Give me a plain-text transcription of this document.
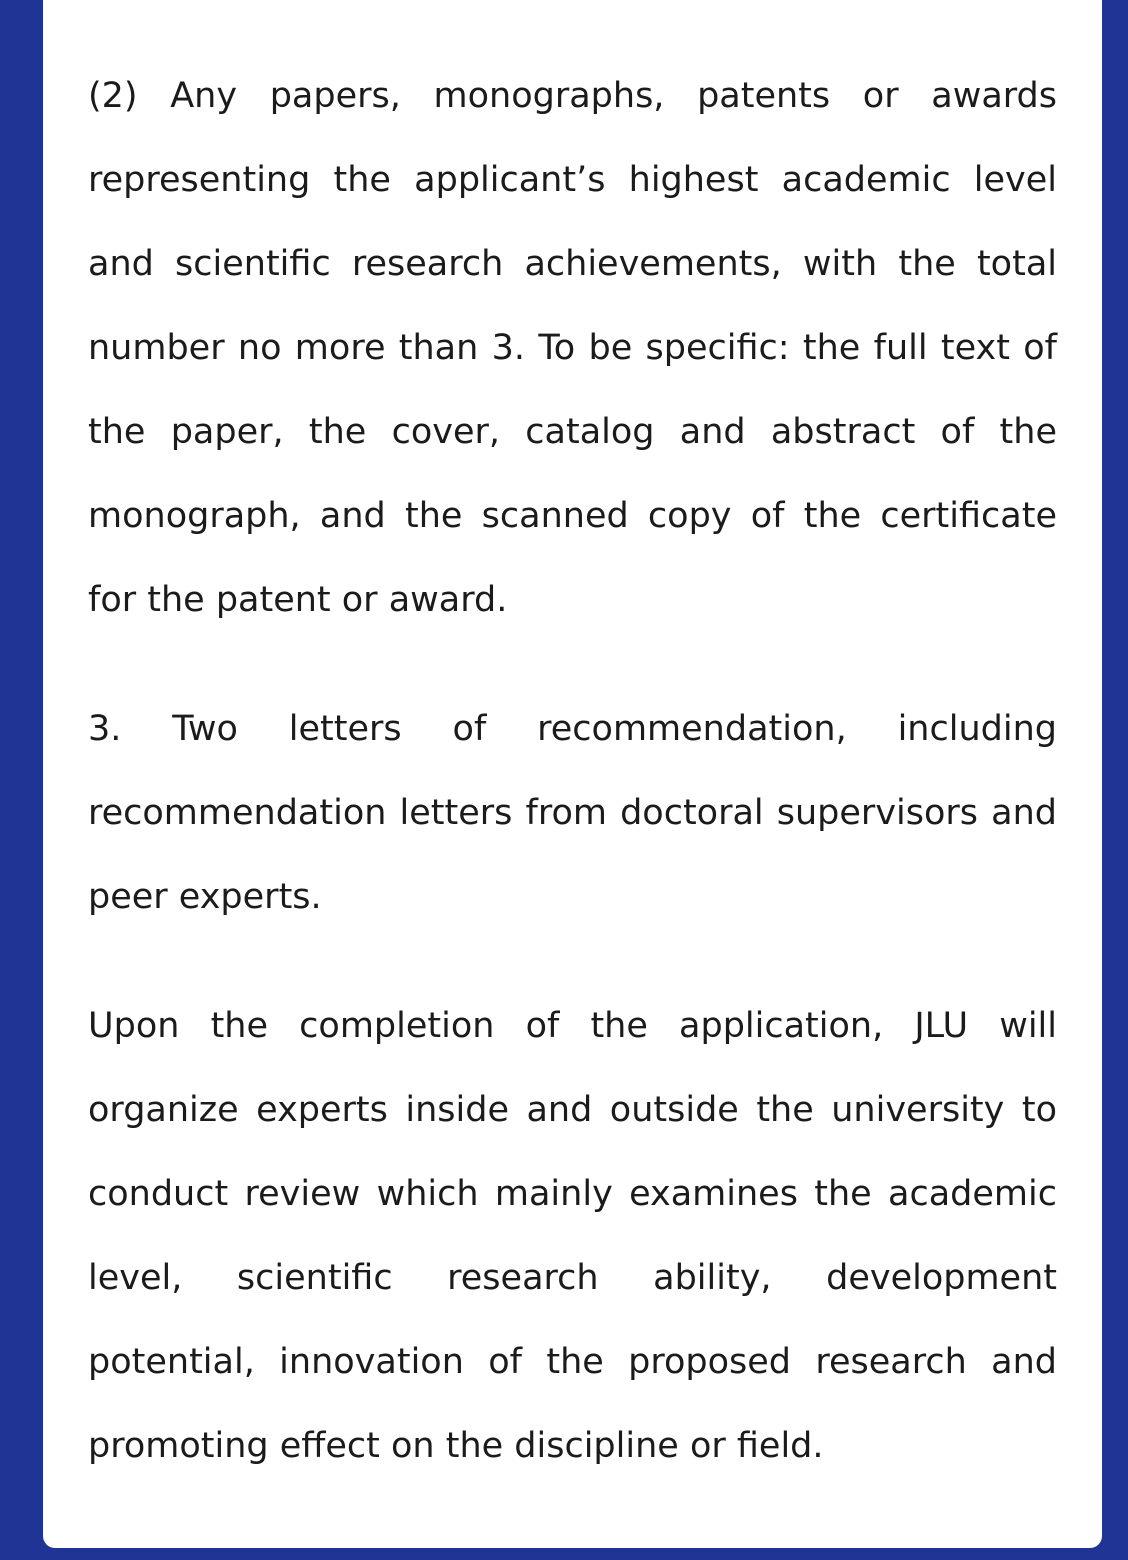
(2) Any papers, monographs, patents or awards representing the applicant’s highest academic level and scientific research achievements, with the total number no more than 3. To be specific: the full text of the paper, the cover, catalog and abstract of the monograph, and the scanned copy of the certificate for the patent or award.

3. Two letters of recommendation, including recommendation letters from doctoral supervisors and peer experts.

Upon the completion of the application, JLU will organize experts inside and outside the university to conduct review which mainly examines the academic level, scientific research ability, development potential, innovation of the proposed research and promoting effect on the discipline or field.
